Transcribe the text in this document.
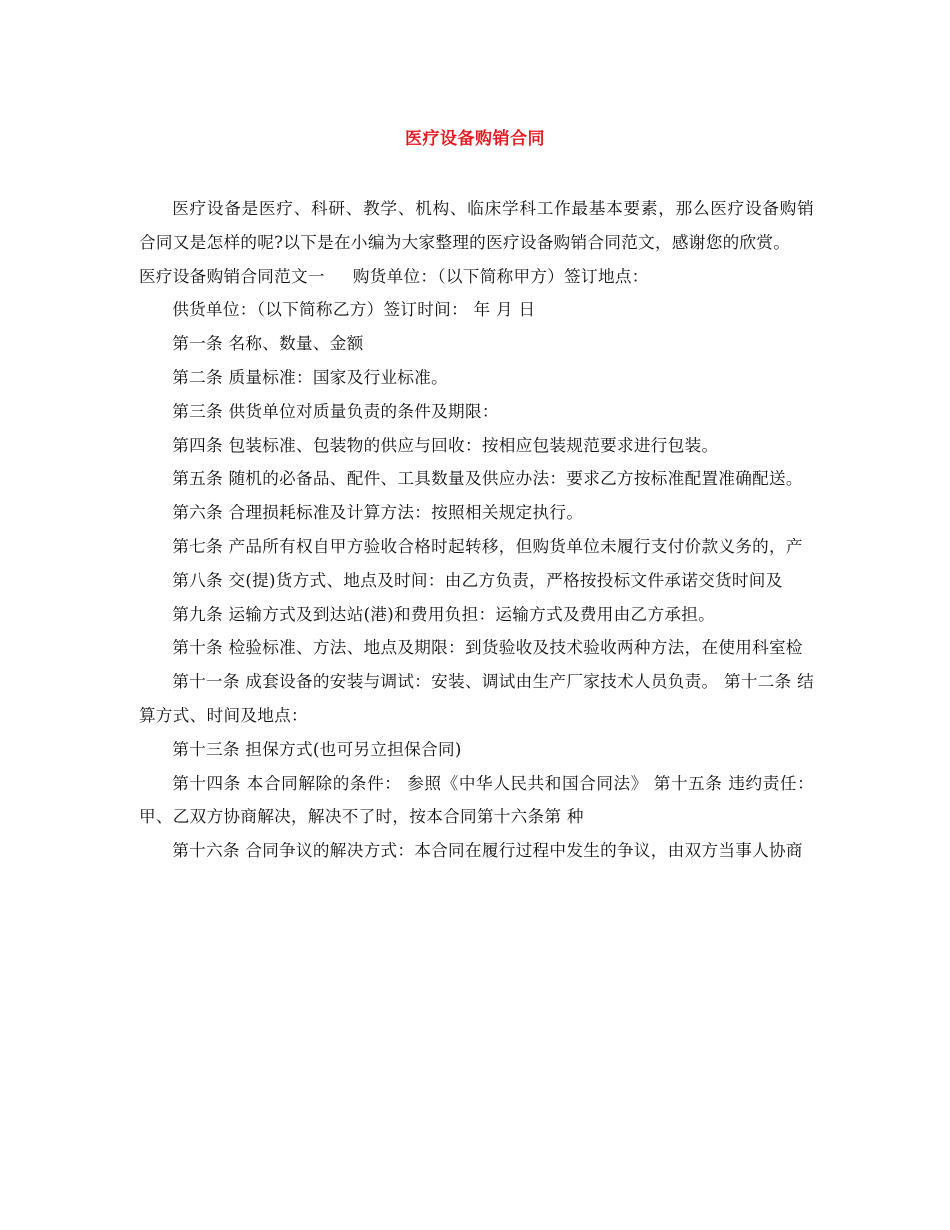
医疗设备购销合同

医疗设备是医疗、科研、教学、机构、临床学科工作最基本要素，那么医疗设备购销合同又是怎样的呢?以下是在小编为大家整理的医疗设备购销合同范文，感谢您的欣赏。

医疗设备购销合同范文一 购货单位：（以下简称甲方）签订地点：

供货单位：（以下简称乙方）签订时间： 年 月 日

第一条 名称、数量、金额

第二条 质量标准：国家及行业标准。

第三条 供货单位对质量负责的条件及期限：

第四条 包装标准、包装物的供应与回收：按相应包装规范要求进行包装。

第五条 随机的必备品、配件、工具数量及供应办法：要求乙方按标准配置准确配送。

第六条 合理损耗标准及计算方法：按照相关规定执行。

第七条 产品所有权自甲方验收合格时起转移，但购货单位未履行支付价款义务的，产

第八条 交(提)货方式、地点及时间：由乙方负责，严格按投标文件承诺交货时间及

第九条 运输方式及到达站(港)和费用负担：运输方式及费用由乙方承担。

第十条 检验标准、方法、地点及期限：到货验收及技术验收两种方法，在使用科室检

第十一条 成套设备的安装与调试：安装、调试由生产厂家技术人员负责。 第十二条 结算方式、时间及地点：

第十三条 担保方式(也可另立担保合同)

第十四条 本合同解除的条件： 参照《中华人民共和国合同法》 第十五条 违约责任：甲、乙双方协商解决，解决不了时，按本合同第十六条第 种

第十六条 合同争议的解决方式：本合同在履行过程中发生的争议，由双方当事人协商
